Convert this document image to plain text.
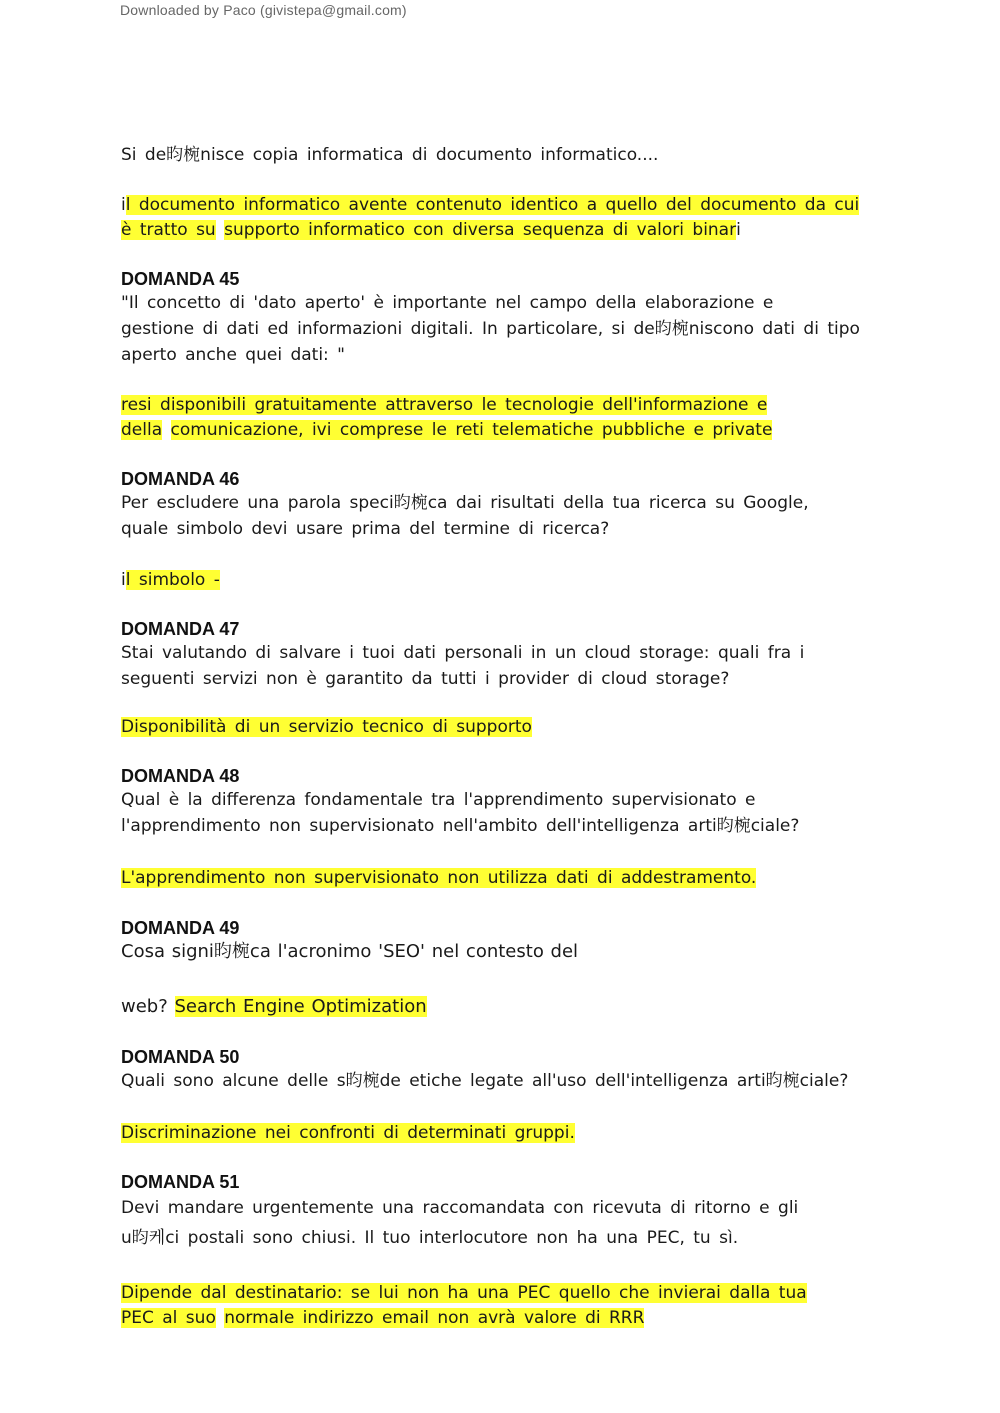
Downloaded by Paco (givistepa@gmail.com)

Si de昀椀nisce copia informatica di documento informatico....

il documento informatico avente contenuto identico a quello del documento da cui
è tratto su supporto informatico con diversa sequenza di valori binari

DOMANDA 45

"Il concetto di 'dato aperto' è importante nel campo della elaborazione e
gestione di dati ed informazioni digitali. In particolare, si de昀椀niscono dati di tipo
aperto anche quei dati: "

resi disponibili gratuitamente attraverso le tecnologie dell'informazione e
della comunicazione, ivi comprese le reti telematiche pubbliche e private

DOMANDA 46

Per escludere una parola speci昀椀ca dai risultati della tua ricerca su Google,
quale simbolo devi usare prima del termine di ricerca?

il simbolo -

DOMANDA 47

Stai valutando di salvare i tuoi dati personali in un cloud storage: quali fra i
seguenti servizi non è garantito da tutti i provider di cloud storage?

Disponibilità di un servizio tecnico di supporto

DOMANDA 48

Qual è la differenza fondamentale tra l'apprendimento supervisionato e
l'apprendimento non supervisionato nell'ambito dell'intelligenza arti昀椀ciale?

L'apprendimento non supervisionato non utilizza dati di addestramento.

DOMANDA 49

Cosa signi昀椀ca l'acronimo 'SEO' nel contesto del

web? Search Engine Optimization

DOMANDA 50

Quali sono alcune delle s昀椀de etiche legate all'uso dell'intelligenza arti昀椀ciale?

Discriminazione nei confronti di determinati gruppi.

DOMANDA 51

Devi mandare urgentemente una raccomandata con ricevuta di ritorno e gli
u昀케ci postali sono chiusi. Il tuo interlocutore non ha una PEC, tu sì.

Dipende dal destinatario: se lui non ha una PEC quello che invierai dalla tua
PEC al suo normale indirizzo email non avrà valore di RRR
